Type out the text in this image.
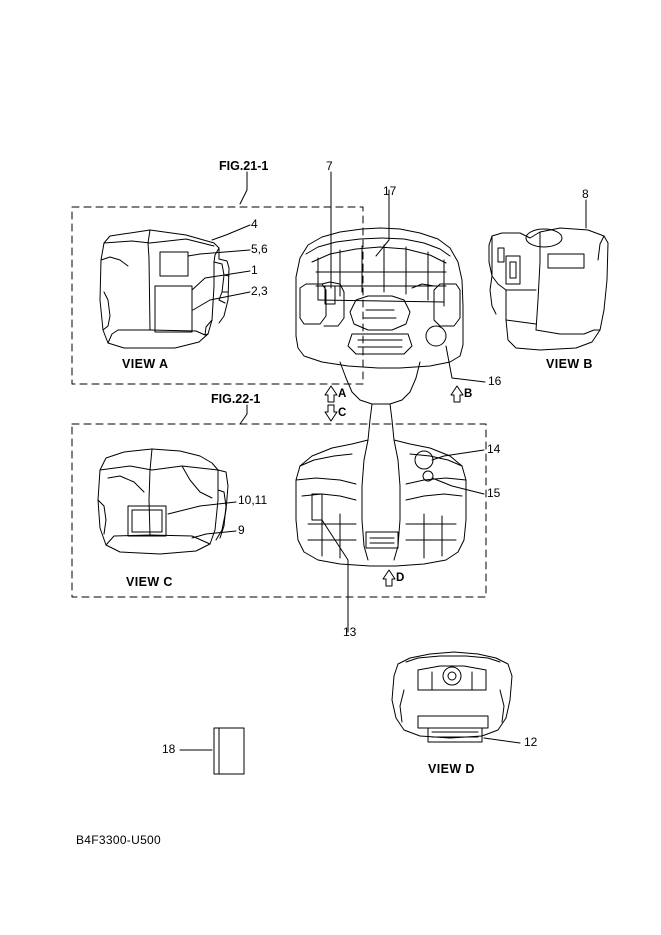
FIG.21-1
FIG.22-1
VIEW A	VIEW B
VIEW C
VIEW D
A	B
C
D
4
5,6
1
2,3
7
17	8
16
14
15
10,11
9
13
12
18
B4F3300-U500
